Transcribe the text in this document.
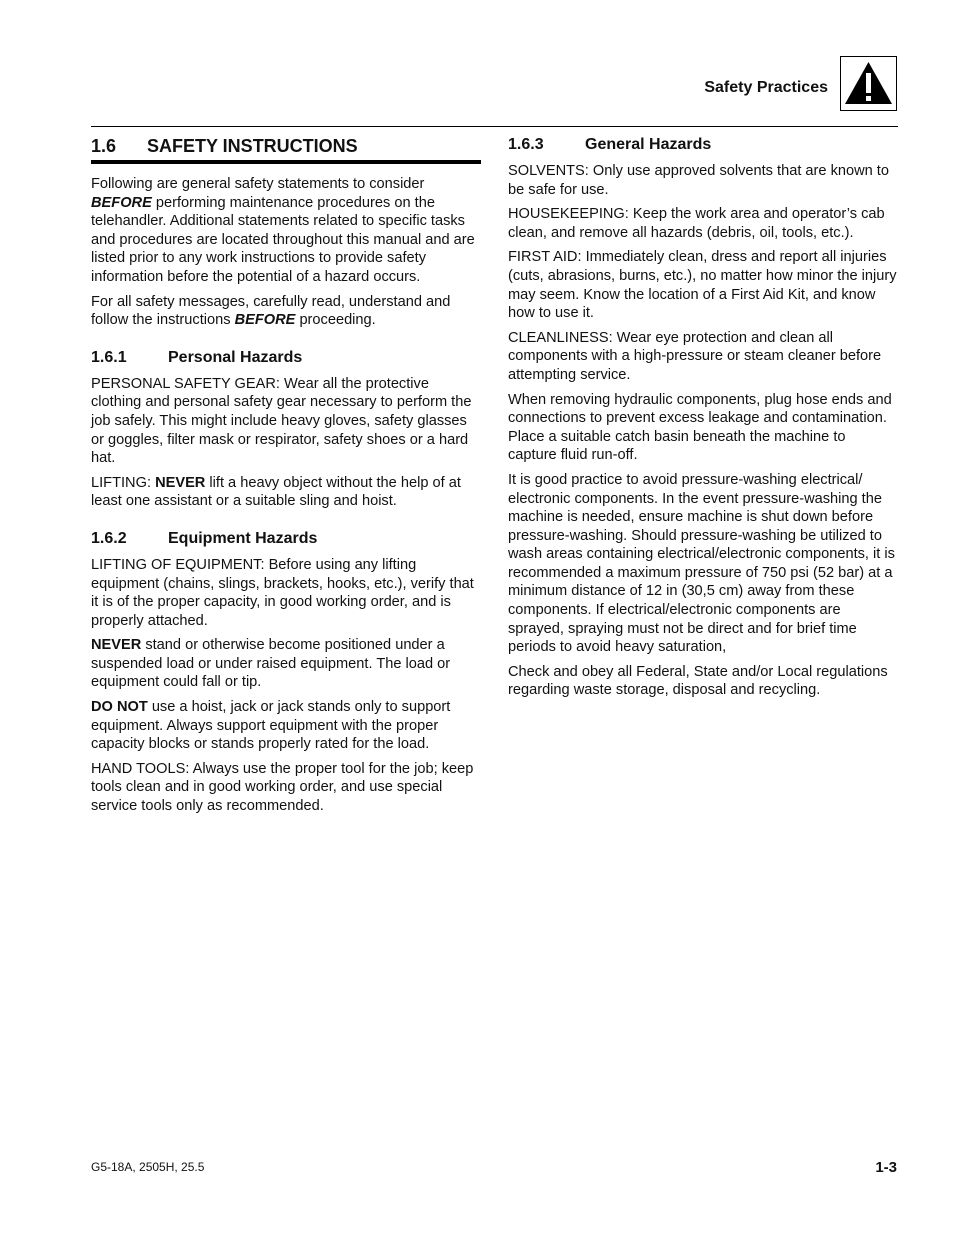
Safety Practices
1.6	SAFETY INSTRUCTIONS

Following are general safety statements to consider BEFORE performing maintenance procedures on the telehandler. Additional statements related to specific tasks and procedures are located throughout this manual and are listed prior to any work instructions to provide safety information before the potential of a hazard occurs.

For all safety messages, carefully read, understand and follow the instructions BEFORE proceeding.

1.6.1	Personal Hazards

PERSONAL SAFETY GEAR: Wear all the protective clothing and personal safety gear necessary to perform the job safely. This might include heavy gloves, safety glasses or goggles, filter mask or respirator, safety shoes or a hard hat.

LIFTING: NEVER lift a heavy object without the help of at least one assistant or a suitable sling and hoist.

1.6.2	Equipment Hazards

LIFTING OF EQUIPMENT: Before using any lifting equipment (chains, slings, brackets, hooks, etc.), verify that it is of the proper capacity, in good working order, and is properly attached.

NEVER stand or otherwise become positioned under a suspended load or under raised equipment. The load or equipment could fall or tip.

DO NOT use a hoist, jack or jack stands only to support equipment. Always support equipment with the proper capacity blocks or stands properly rated for the load.

HAND TOOLS: Always use the proper tool for the job; keep tools clean and in good working order, and use special service tools only as recommended.

1.6.3	General Hazards

SOLVENTS: Only use approved solvents that are known to be safe for use.

HOUSEKEEPING: Keep the work area and operator’s cab clean, and remove all hazards (debris, oil, tools, etc.).

FIRST AID: Immediately clean, dress and report all injuries (cuts, abrasions, burns, etc.), no matter how minor the injury may seem. Know the location of a First Aid Kit, and know how to use it.

CLEANLINESS: Wear eye protection and clean all components with a high-pressure or steam cleaner before attempting service.

When removing hydraulic components, plug hose ends and connections to prevent excess leakage and contamination. Place a suitable catch basin beneath the machine to capture fluid run-off.

It is good practice to avoid pressure-washing electrical/ electronic components. In the event pressure-washing the machine is needed, ensure machine is shut down before pressure-washing. Should pressure-washing be utilized to wash areas containing electrical/electronic components, it is recommended a maximum pressure of 750 psi (52 bar) at a minimum distance of 12 in (30,5 cm) away from these components. If electrical/electronic components are sprayed, spraying must not be direct and for brief time periods to avoid heavy saturation,

Check and obey all Federal, State and/or Local regulations regarding waste storage, disposal and recycling.

G5-18A, 2505H, 25.5	1-3
